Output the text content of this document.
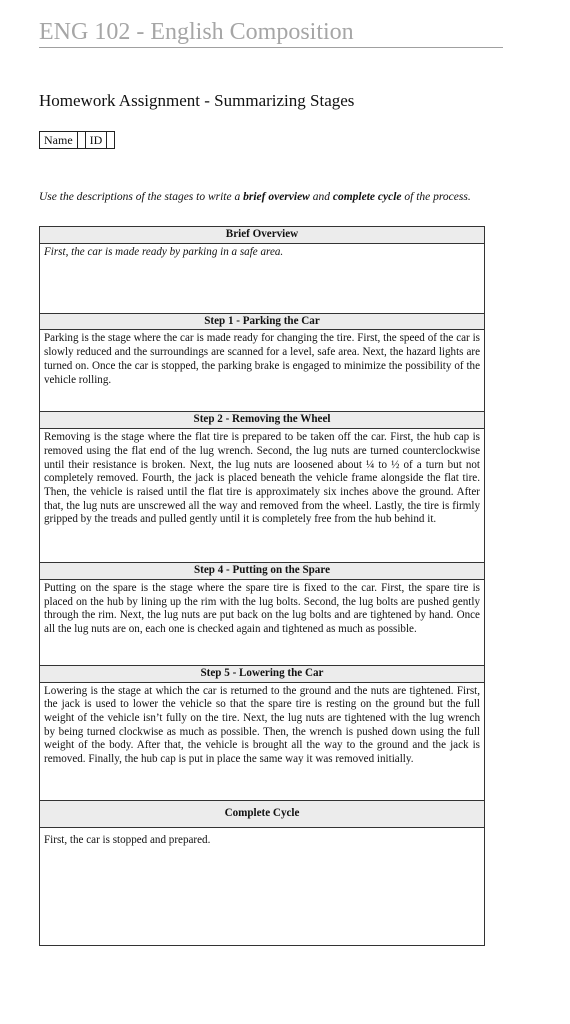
ENG 102 - English Composition
Homework Assignment - Summarizing Stages
Name		ID	
Use the descriptions of the stages to write a brief overview and complete cycle of the process.
Brief Overview
First, the car is made ready by parking in a safe area.
Step 1 - Parking the Car
Parking is the stage where the car is made ready for changing the tire. First, the speed of the car is slowly reduced and the surroundings are scanned for a level, safe area. Next, the hazard lights are turned on. Once the car is stopped, the parking brake is engaged to minimize the possibility of the vehicle rolling.
Step 2 - Removing the Wheel
Removing is the stage where the flat tire is prepared to be taken off the car. First, the hub cap is removed using the flat end of the lug wrench. Second, the lug nuts are turned counterclockwise until their resistance is broken. Next, the lug nuts are loosened about ¼ to ½ of a turn but not completely removed. Fourth, the jack is placed beneath the vehicle frame alongside the flat tire. Then, the vehicle is raised until the flat tire is approximately six inches above the ground. After that, the lug nuts are unscrewed all the way and removed from the wheel. Lastly, the tire is firmly gripped by the treads and pulled gently until it is completely free from the hub behind it.
Step 4 - Putting on the Spare
Putting on the spare is the stage where the spare tire is fixed to the car. First, the spare tire is placed on the hub by lining up the rim with the lug bolts. Second, the lug bolts are pushed gently through the rim. Next, the lug nuts are put back on the lug bolts and are tightened by hand. Once all the lug nuts are on, each one is checked again and tightened as much as possible.
Step 5 - Lowering the Car
Lowering is the stage at which the car is returned to the ground and the nuts are tightened. First, the jack is used to lower the vehicle so that the spare tire is resting on the ground but the full weight of the vehicle isn’t fully on the tire. Next, the lug nuts are tightened with the lug wrench by being turned clockwise as much as possible. Then, the wrench is pushed down using the full weight of the body. After that, the vehicle is brought all the way to the ground and the jack is removed. Finally, the hub cap is put in place the same way it was removed initially.
Complete Cycle
First, the car is stopped and prepared.
